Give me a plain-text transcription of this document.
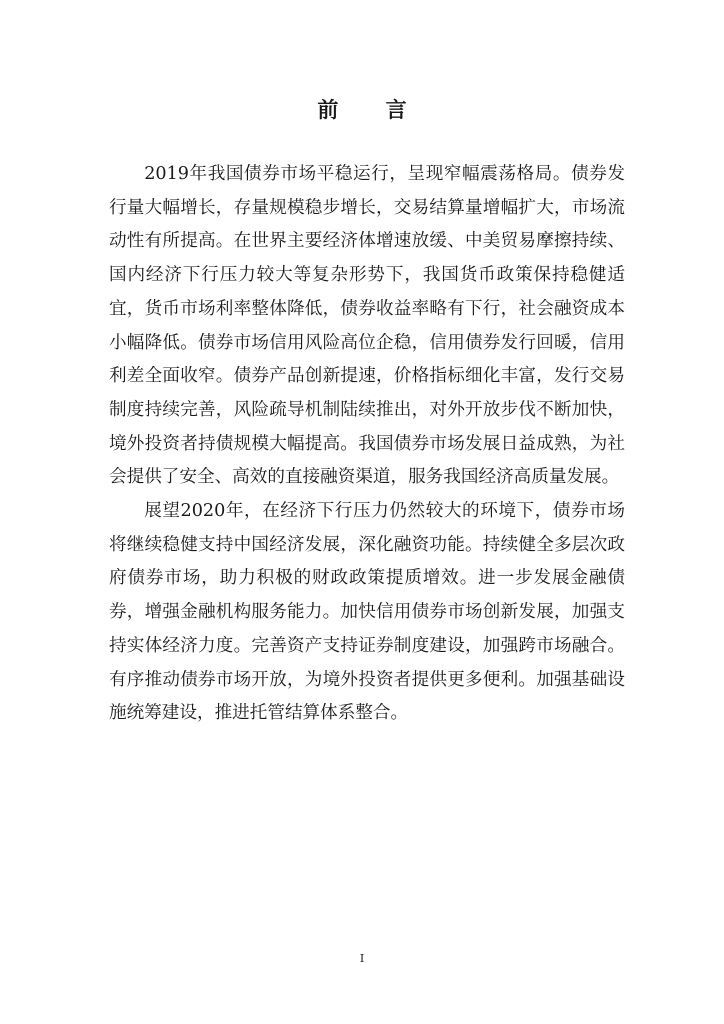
前 言

2019年我国债券市场平稳运行，呈现窄幅震荡格局。债券发行量大幅增长，存量规模稳步增长，交易结算量增幅扩大，市场流动性有所提高。在世界主要经济体增速放缓、中美贸易摩擦持续、国内经济下行压力较大等复杂形势下，我国货币政策保持稳健适宜，货币市场利率整体降低，债券收益率略有下行，社会融资成本小幅降低。债券市场信用风险高位企稳，信用债券发行回暖，信用利差全面收窄。债券产品创新提速，价格指标细化丰富，发行交易制度持续完善，风险疏导机制陆续推出，对外开放步伐不断加快，境外投资者持债规模大幅提高。我国债券市场发展日益成熟，为社会提供了安全、高效的直接融资渠道，服务我国经济高质量发展。

展望2020年，在经济下行压力仍然较大的环境下，债券市场将继续稳健支持中国经济发展，深化融资功能。持续健全多层次政府债券市场，助力积极的财政政策提质增效。进一步发展金融债券，增强金融机构服务能力。加快信用债券市场创新发展，加强支持实体经济力度。完善资产支持证券制度建设，加强跨市场融合。有序推动债券市场开放，为境外投资者提供更多便利。加强基础设施统筹建设，推进托管结算体系整合。

I
